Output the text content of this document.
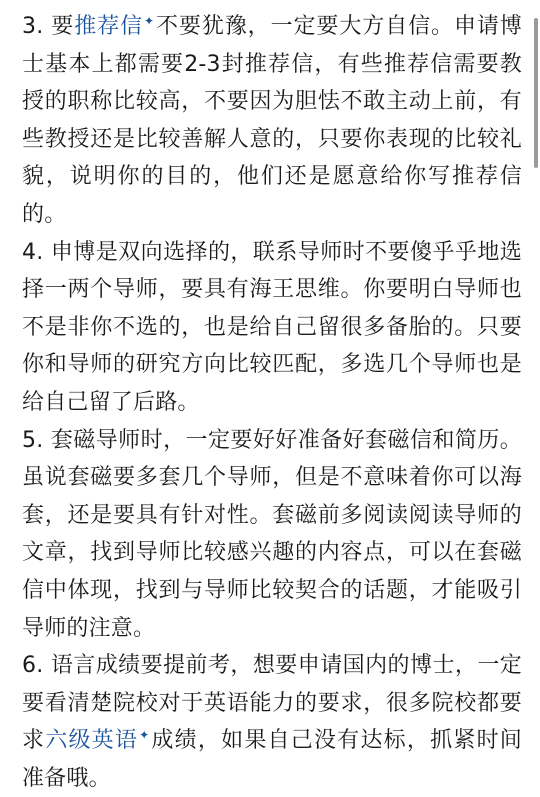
3. 要推荐信✦不要犹豫，一定要大方自信。申请博士基本上都需要2-3封推荐信，有些推荐信需要教授的职称比较高，不要因为胆怯不敢主动上前，有些教授还是比较善解人意的，只要你表现的比较礼貌，说明你的目的，他们还是愿意给你写推荐信的。

4. 申博是双向选择的，联系导师时不要傻乎乎地选择一两个导师，要具有海王思维。你要明白导师也不是非你不选的，也是给自己留很多备胎的。只要你和导师的研究方向比较匹配，多选几个导师也是给自己留了后路。

5. 套磁导师时，一定要好好准备好套磁信和简历。虽说套磁要多套几个导师，但是不意味着你可以海套，还是要具有针对性。套磁前多阅读阅读导师的文章，找到导师比较感兴趣的内容点，可以在套磁信中体现，找到与导师比较契合的话题，才能吸引导师的注意。

6. 语言成绩要提前考，想要申请国内的博士，一定要看清楚院校对于英语能力的要求，很多院校都要求六级英语✦成绩，如果自己没有达标，抓紧时间准备哦。
